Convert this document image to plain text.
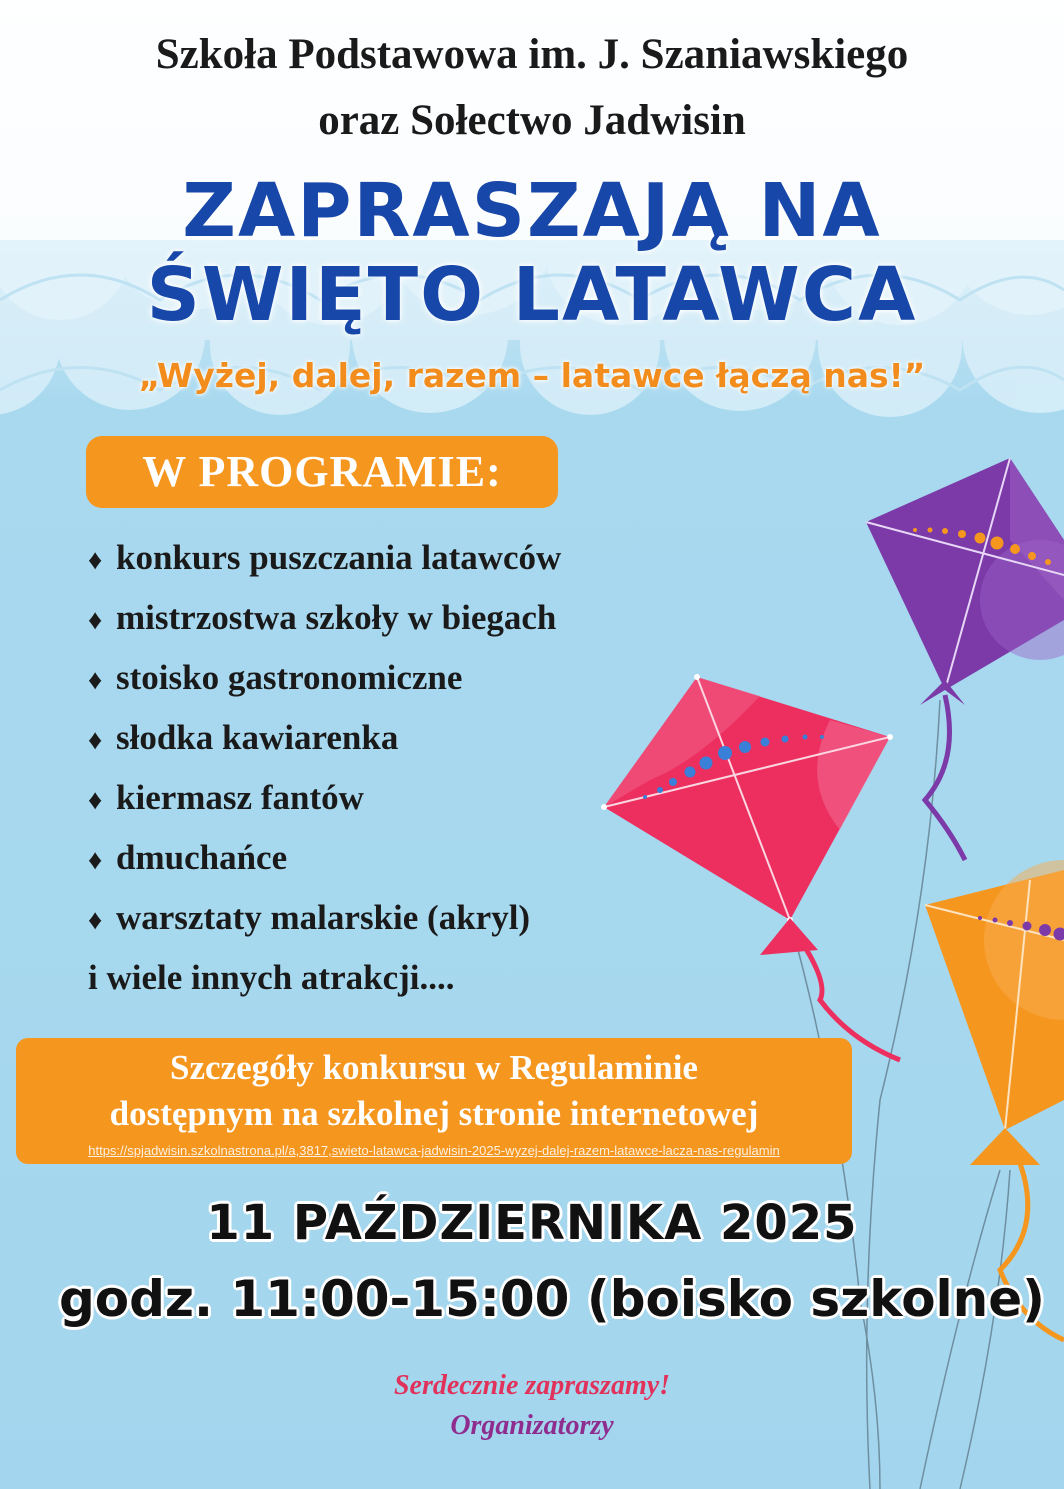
Szkoła Podstawowa im. J. Szaniawskiego

oraz Sołectwo Jadwisin

ZAPRASZAJĄ NA

ŚWIĘTO LATAWCA

„Wyżej, dalej, razem – latawce łączą nas!”

W PROGRAMIE:

♦ konkurs puszczania latawców
♦ mistrzostwa szkoły w biegach
♦ stoisko gastronomiczne
♦ słodka kawiarenka
♦ kiermasz fantów
♦ dmuchańce
♦ warsztaty malarskie (akryl)

i wiele innych atrakcji....

Szczegóły konkursu w Regulaminie

dostępnym na szkolnej stronie internetowej

https://spjadwisin.szkolnastrona.pl/a,3817,swieto-latawca-jadwisin-2025-wyzej-dalej-razem-latawce-lacza-nas-regulamin

11 PAŹDZIERNIKA 2025

godz. 11:00-15:00 (boisko szkolne)

Serdecznie zapraszamy!

Organizatorzy
